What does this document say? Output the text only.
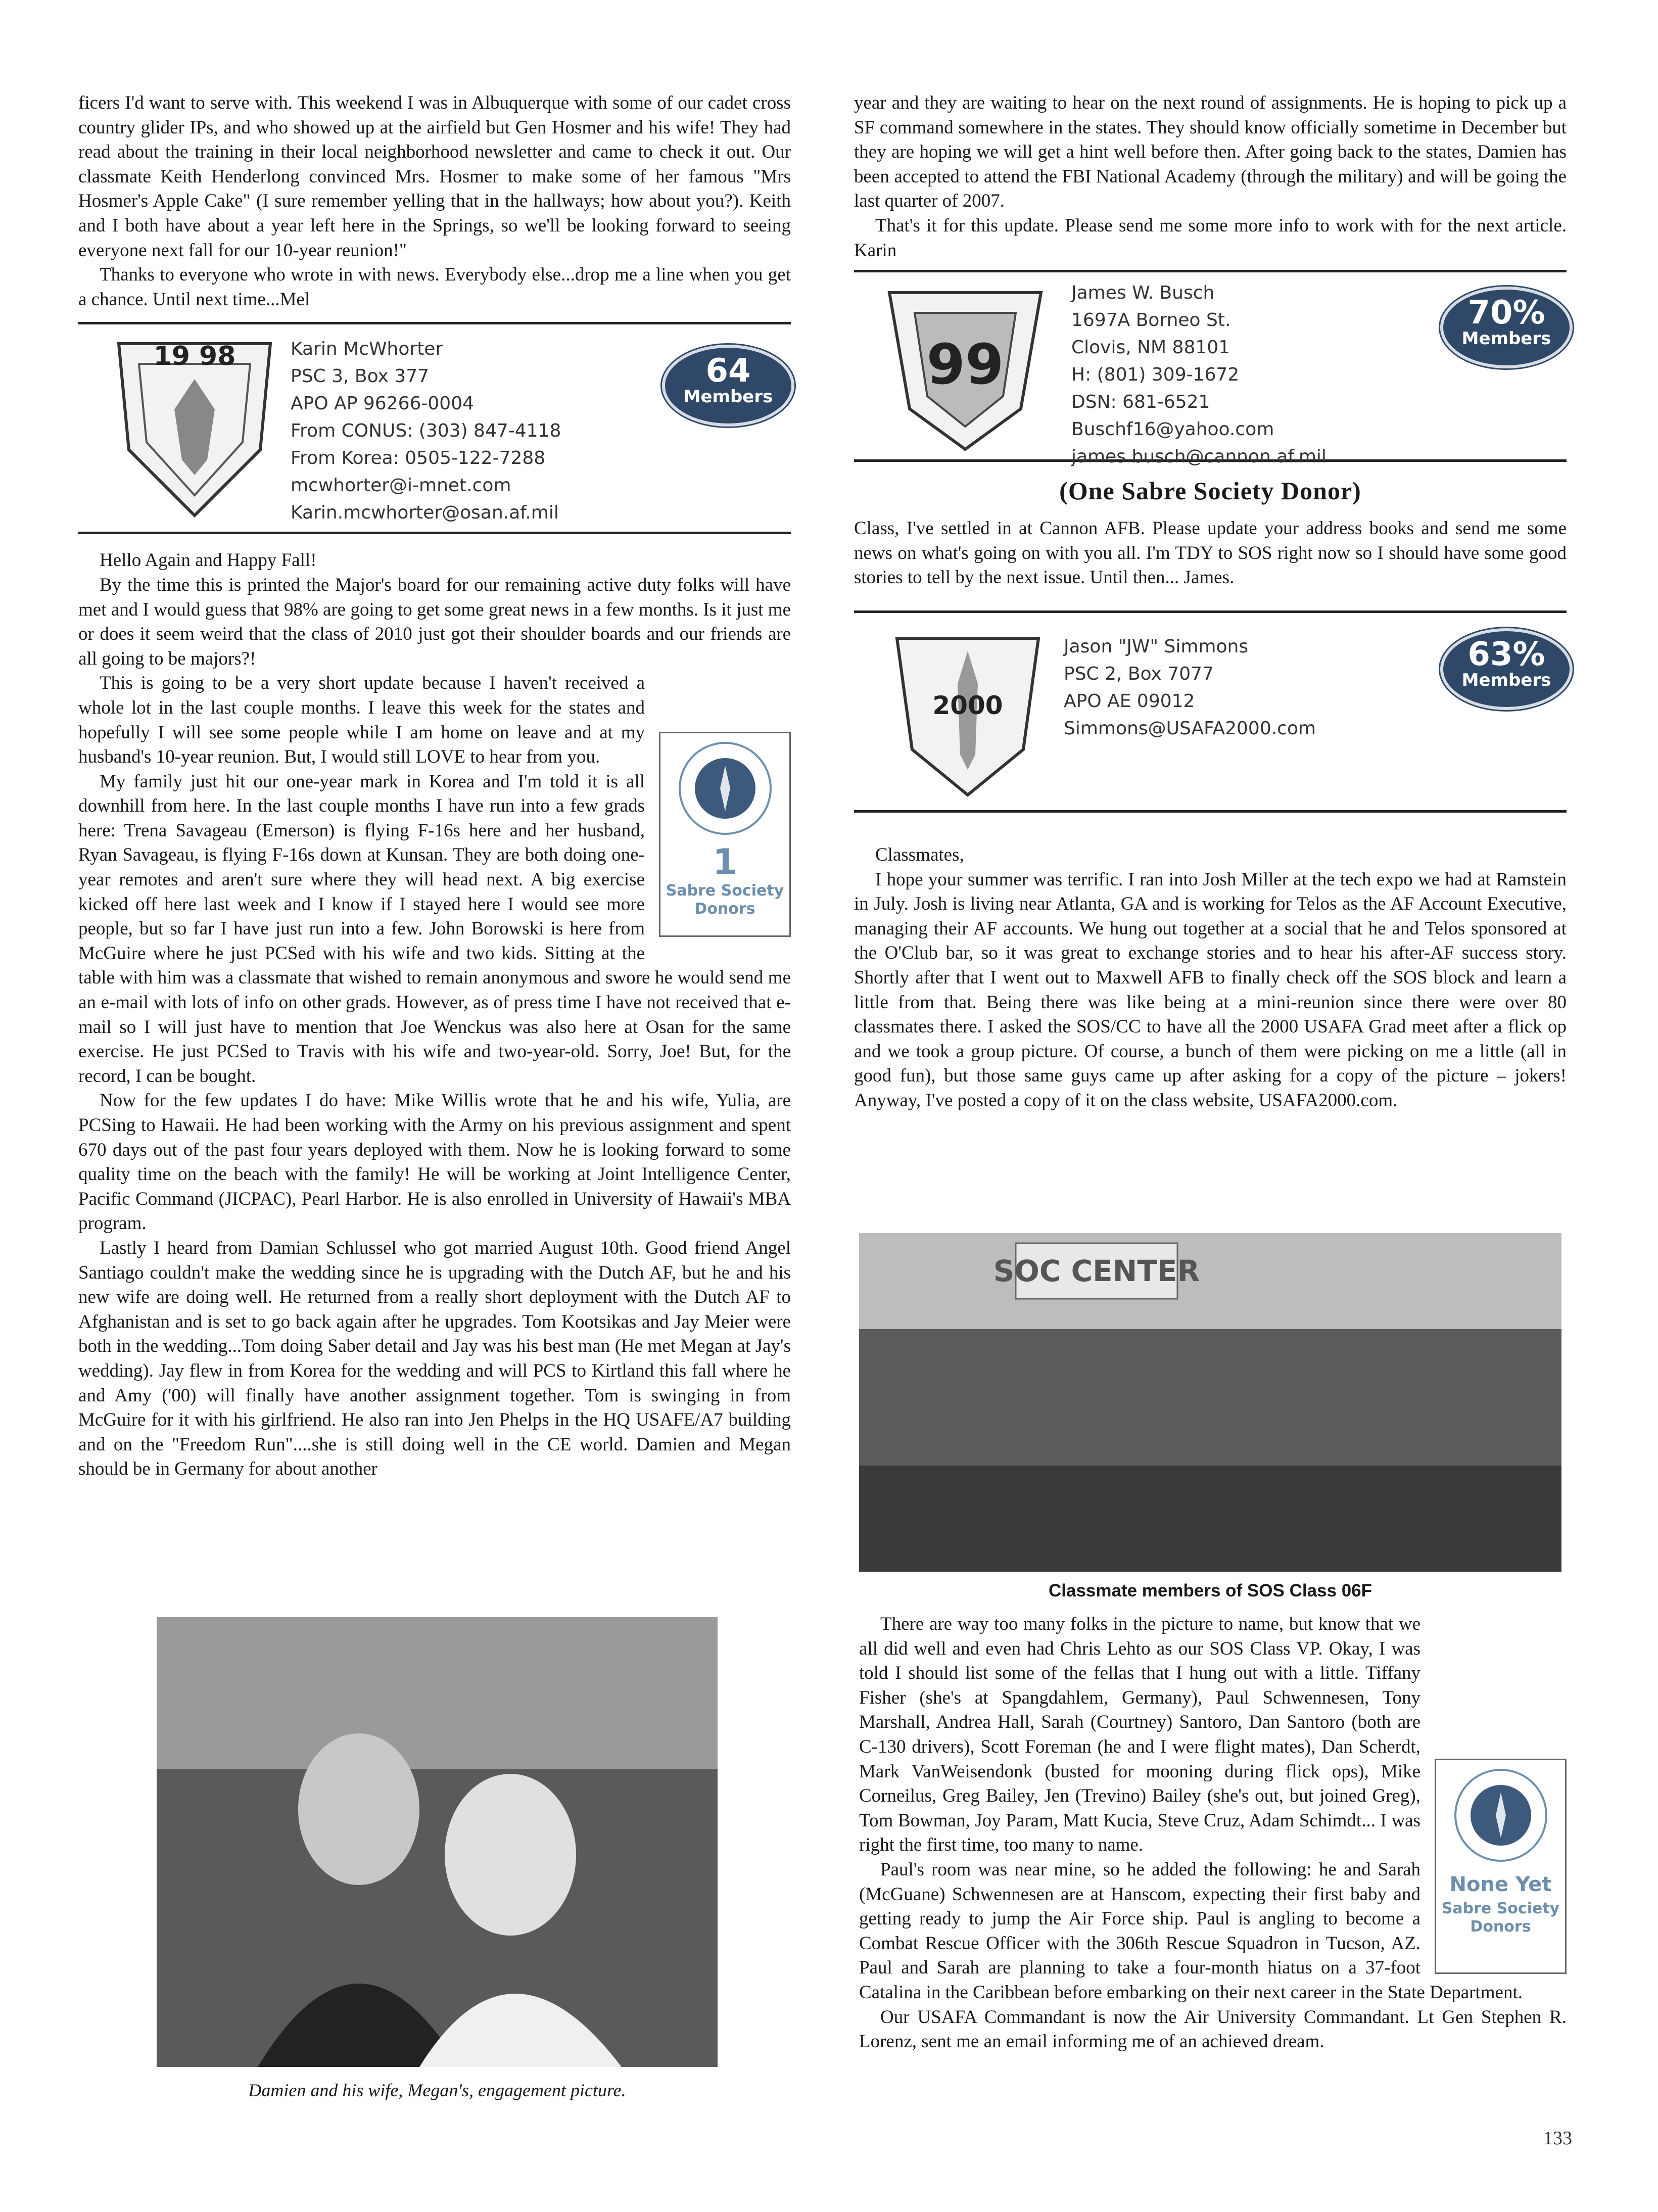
ficers I'd want to serve with. This weekend I was in Albuquerque with some of our cadet cross country glider IPs, and who showed up at the airfield but Gen Hosmer and his wife! They had read about the training in their local neighborhood newsletter and came to check it out. Our classmate Keith Henderlong convinced Mrs. Hosmer to make some of her famous "Mrs Hosmer's Apple Cake" (I sure remember yelling that in the hallways; how about you?). Keith and I both have about a year left here in the Springs, so we'll be looking forward to seeing everyone next fall for our 10-year reunion!"

Thanks to everyone who wrote in with news. Everybody else...drop me a line when you get a chance. Until next time...Mel

19 98	Karin McWhorter
PSC 3, Box 377
APO AP 96266-0004
From CONUS: (303) 847-4118
From Korea: 0505-122-7288
mcwhorter@i-mnet.com
Karin.mcwhorter@osan.af.mil
64
Members

Hello Again and Happy Fall!

By the time this is printed the Major's board for our remaining active duty folks will have met and I would guess that 98% are going to get some great news in a few months. Is it just me or does it seem weird that the class of 2010 just got their shoulder boards and our friends are all going to be majors?!

1
Sabre Society
Donors

This is going to be a very short update because I haven't received a whole lot in the last couple months. I leave this week for the states and hopefully I will see some people while I am home on leave and at my husband's 10-year reunion. But, I would still LOVE to hear from you.

My family just hit our one-year mark in Korea and I'm told it is all downhill from here. In the last couple months I have run into a few grads here: Trena Savageau (Emerson) is flying F-16s here and her husband, Ryan Savageau, is flying F-16s down at Kunsan. They are both doing one-year remotes and aren't sure where they will head next. A big exercise kicked off here last week and I know if I stayed here I would see more people, but so far I have just run into a few. John Borowski is here from McGuire where he just PCSed with his wife and two kids. Sitting at the table with him was a classmate that wished to remain anonymous and swore he would send me an e-mail with lots of info on other grads. However, as of press time I have not received that e-mail so I will just have to mention that Joe Wenckus was also here at Osan for the same exercise. He just PCSed to Travis with his wife and two-year-old. Sorry, Joe! But, for the record, I can be bought.

Now for the few updates I do have: Mike Willis wrote that he and his wife, Yulia, are PCSing to Hawaii. He had been working with the Army on his previous assignment and spent 670 days out of the past four years deployed with them. Now he is looking forward to some quality time on the beach with the family! He will be working at Joint Intelligence Center, Pacific Command (JICPAC), Pearl Harbor. He is also enrolled in University of Hawaii's MBA program.

Lastly I heard from Damian Schlussel who got married August 10th. Good friend Angel Santiago couldn't make the wedding since he is upgrading with the Dutch AF, but he and his new wife are doing well. He returned from a really short deployment with the Dutch AF to Afghanistan and is set to go back again after he upgrades. Tom Kootsikas and Jay Meier were both in the wedding...Tom doing Saber detail and Jay was his best man (He met Megan at Jay's wedding). Jay flew in from Korea for the wedding and will PCS to Kirtland this fall where he and Amy ('00) will finally have another assignment together. Tom is swinging in from McGuire for it with his girlfriend. He also ran into Jen Phelps in the HQ USAFE/A7 building and on the "Freedom Run"....she is still doing well in the CE world. Damien and Megan should be in Germany for about another

Damien and his wife, Megan's, engagement picture.

year and they are waiting to hear on the next round of assignments. He is hoping to pick up a SF command somewhere in the states. They should know officially sometime in December but they are hoping we will get a hint well before then. After going back to the states, Damien has been accepted to attend the FBI National Academy (through the military) and will be going the last quarter of 2007.

That's it for this update. Please send me some more info to work with for the next article. Karin

99
James W. Busch
1697A Borneo St.
Clovis, NM 88101
H: (801) 309-1672
DSN: 681-6521
Buschf16@yahoo.com
james.busch@cannon.af.mil
70%
Members
(One Sabre Society Donor)

Class, I've settled in at Cannon AFB. Please update your address books and send me some news on what's going on with you all. I'm TDY to SOS right now so I should have some good stories to tell by the next issue. Until then... James.

2000
Jason "JW" Simmons
PSC 2, Box 7077
APO AE 09012
Simmons@USAFA2000.com
63%
Members

Classmates,

I hope your summer was terrific. I ran into Josh Miller at the tech expo we had at Ramstein in July. Josh is living near Atlanta, GA and is working for Telos as the AF Account Executive, managing their AF accounts. We hung out together at a social that he and Telos sponsored at the O'Club bar, so it was great to exchange stories and to hear his after-AF success story. Shortly after that I went out to Maxwell AFB to finally check off the SOS block and learn a little from that. Being there was like being at a mini-reunion since there were over 80 classmates there. I asked the SOS/CC to have all the 2000 USAFA Grad meet after a flick op and we took a group picture. Of course, a bunch of them were picking on me a little (all in good fun), but those same guys came up after asking for a copy of the picture – jokers! Anyway, I've posted a copy of it on the class website, USAFA2000.com.

SOC CENTER
Classmate members of SOS Class 06F
None Yet
Sabre Society
Donors

There are way too many folks in the picture to name, but know that we all did well and even had Chris Lehto as our SOS Class VP. Okay, I was told I should list some of the fellas that I hung out with a little. Tiffany Fisher (she's at Spangdahlem, Germany), Paul Schwennesen, Tony Marshall, Andrea Hall, Sarah (Courtney) Santoro, Dan Santoro (both are C-130 drivers), Scott Foreman (he and I were flight mates), Dan Scherdt, Mark VanWeisendonk (busted for mooning during flick ops), Mike Corneilus, Greg Bailey, Jen (Trevino) Bailey (she's out, but joined Greg), Tom Bowman, Joy Param, Matt Kucia, Steve Cruz, Adam Schimdt... I was right the first time, too many to name.

Paul's room was near mine, so he added the following: he and Sarah (McGuane) Schwennesen are at Hanscom, expecting their first baby and getting ready to jump the Air Force ship. Paul is angling to become a Combat Rescue Officer with the 306th Rescue Squadron in Tucson, AZ. Paul and Sarah are planning to take a four-month hiatus on a 37-foot Catalina in the Caribbean before embarking on their next career in the State Department.

Our USAFA Commandant is now the Air University Commandant. Lt Gen Stephen R. Lorenz, sent me an email informing me of an achieved dream.

133
